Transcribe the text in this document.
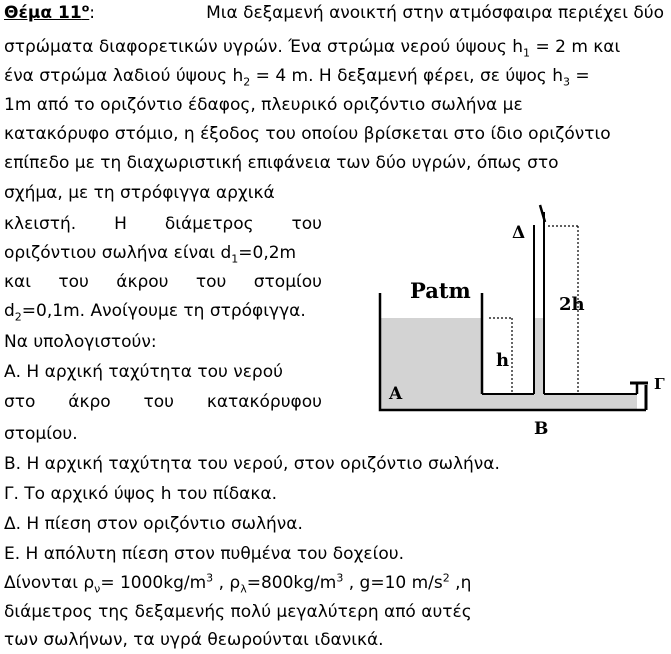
Θέμα $11^o$:	Μια δεξαμενή ανοικτή στην ατμόσφαιρα περιέχει δύο
στρώματα διαφορετικών υγρών. Ένα στρώμα νερού ύψους $h_1 = 2$ m και
ένα στρώμα λαδιού ύψους $h_2 = 4$ m. Η δεξαμενή φέρει, σε ύψος $h_3$ =
1m από το οριζόντιο έδαφος, πλευρικό οριζόντιο σωλήνα με
κατακόρυφο στόμιο, η έξοδος του οποίου βρίσκεται στο ίδιο οριζόντιο
επίπεδο με τη διαχωριστική επιφάνεια των δύο υγρών, όπως στο
σχήμα, με τη στρόφιγγα αρχικά
κλειστή. Η διάμετρος του
οριζόντιου σωλήνα είναι $d_1=0,2m$
και του άκρου του στομίου
$d_2=0,1m$. Ανοίγουμε τη στρόφιγγα.
Να υπολογιστούν:
Α. Η αρχική ταχύτητα του νερού
στο άκρο του κατακόρυφου
στομίου.
Β. Η αρχική ταχύτητα του νερού, στον οριζόντιο σωλήνα.
Γ. Το αρχικό ύψος h του πίδακα.
Δ. Η πίεση στον οριζόντιο σωλήνα.
Ε. Η απόλυτη πίεση στον πυθμένα του δοχείου.
Δίνονται $\rho_\nu= 1000kg/m^3$ , $\rho_\lambda=800kg/m^3$ , g=10 $m/s^2$ ,η
διάμετρος της δεξαμενής πολύ μεγαλύτερη από αυτές
των σωλήνων, τα υγρά θεωρούνται ιδανικά.
Patm
Δ
2h
h
A
B
Γ
